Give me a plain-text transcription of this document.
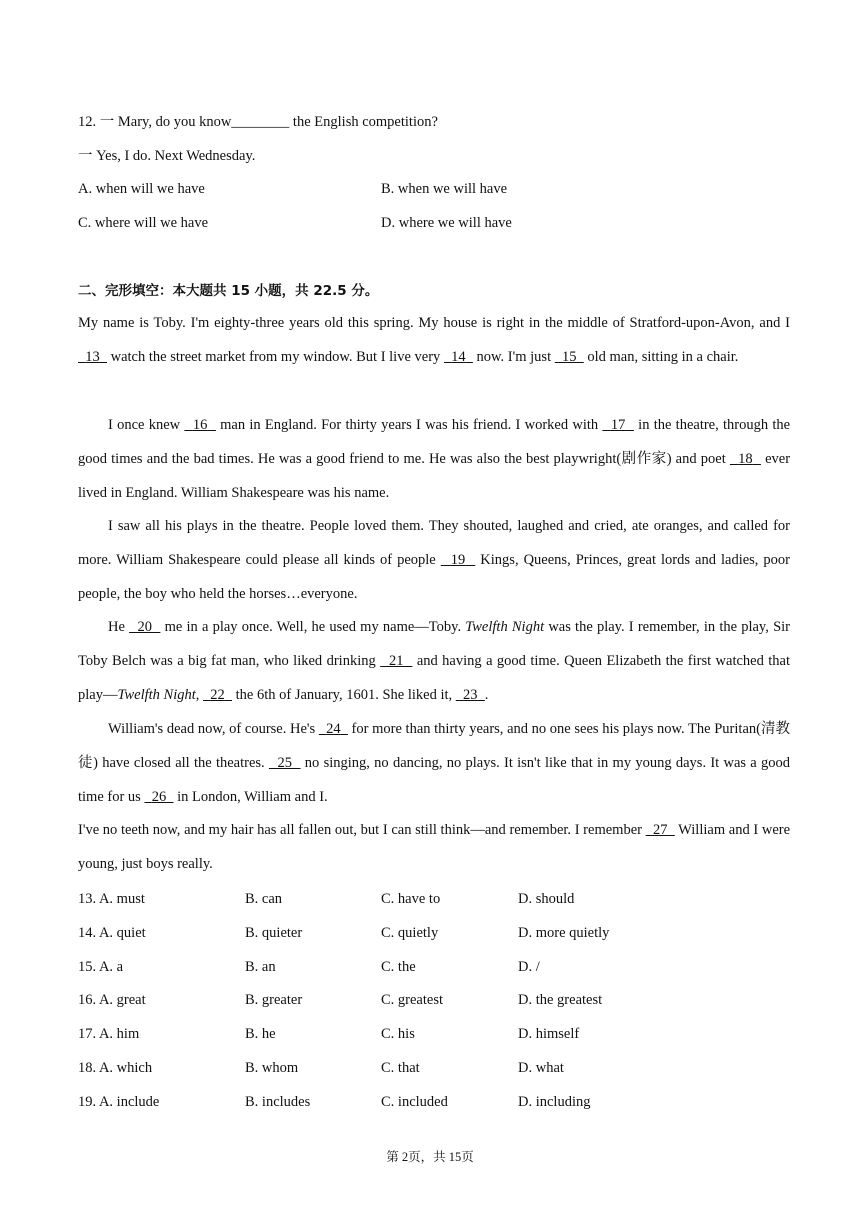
12. 一 Mary, do you know________ the English competition?
一 Yes, I do. Next Wednesday.
A. when will we have	B. when we will have
C. where will we have	D. where we will have
二、完形填空：本大题共 15 小题，共 22.5 分。
My name is Toby. I'm eighty-three years old this spring. My house is right in the middle of Stratford-upon-Avon, and I   13   watch the street market from my window. But I live very   14   now. I'm just   15   old man, sitting in a chair.
I once knew   16   man in England. For thirty years I was his friend. I worked with   17   in the theatre, through the good times and the bad times. He was a good friend to me. He was also the best playwright(剧作家) and poet   18   ever lived in England. William Shakespeare was his name.
I saw all his plays in the theatre. People loved them. They shouted, laughed and cried, ate oranges, and called for more. William Shakespeare could please all kinds of people   19   Kings, Queens, Princes, great lords and ladies, poor people, the boy who held the horses…everyone.
He   20   me in a play once. Well, he used my name—Toby. Twelfth Night was the play. I remember, in the play, Sir Toby Belch was a big fat man, who liked drinking   21   and having a good time. Queen Elizabeth the first watched that play—Twelfth Night,   22   the 6th of January, 1601. She liked it,   23 .
William's dead now, of course. He's   24   for more than thirty years, and no one sees his plays now. The Puritan(清教徒) have closed all the theatres.   25   no singing, no dancing, no plays. It isn't like that in my young days. It was a good time for us   26   in London, William and I.
I've no teeth now, and my hair has all fallen out, but I can still think—and remember. I remember   27   William and I were young, just boys really.
13. A. must	B. can	C. have to	D. should
14. A. quiet	B. quieter	C. quietly	D. more quietly
15. A. a	B. an	C. the	D. /
16. A. great	B. greater	C. greatest	D. the greatest
17. A. him	B. he	C. his	D. himself
18. A. which	B. whom	C. that	D. what
19. A. include	B. includes	C. included	D. including
第 2页，共 15页
